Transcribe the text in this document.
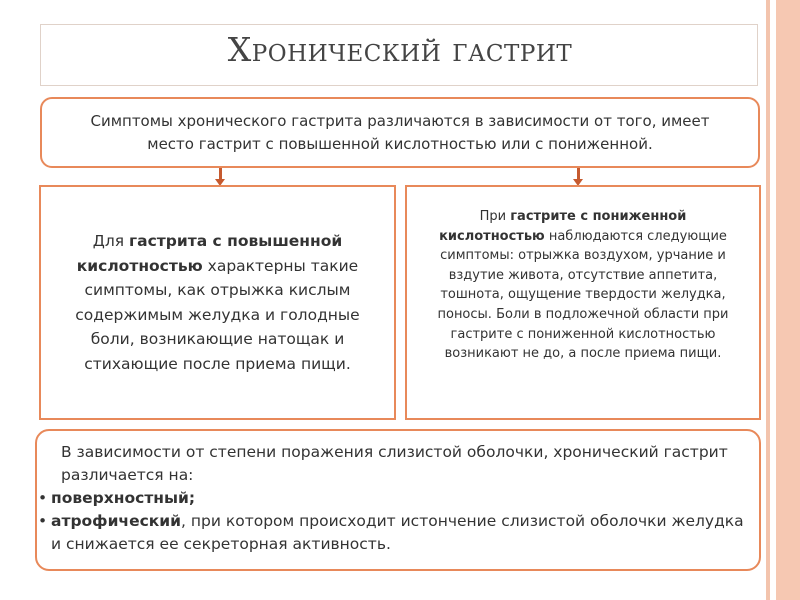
Хронический гастрит
Симптомы хронического гастрита различаются в зависимости от того, имеет место гастрит с повышенной кислотностью или с пониженной.
Для гастрита с повышенной кислотностью характерны такие симптомы, как отрыжка кислым содержимым желудка и голодные боли, возникающие натощак и стихающие после приема пищи.
При гастрите с пониженной кислотностью наблюдаются следующие симптомы: отрыжка воздухом, урчание и вздутие живота, отсутствие аппетита, тошнота, ощущение твердости желудка, поносы. Боли в подложечной области при гастрите с пониженной кислотностью возникают не до, а после приема пищи.
В зависимости от степени поражения слизистой оболочки, хронический гастрит различается на:
• поверхностный;
• атрофический, при котором происходит истончение слизистой оболочки желудка и снижается ее секреторная активность.
